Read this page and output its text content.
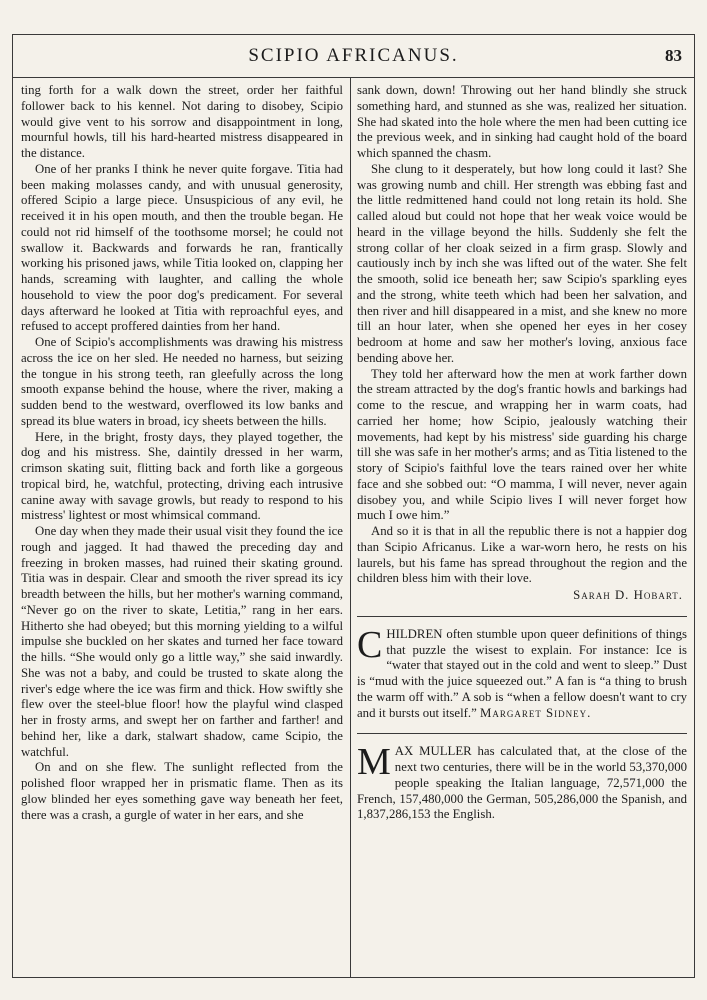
SCIPIO AFRICANUS.	83

ting forth for a walk down the street, order her faithful follower back to his kennel. Not daring to disobey, Scipio would give vent to his sorrow and disappointment in long, mournful howls, till his hard-hearted mistress disappeared in the distance.

One of her pranks I think he never quite forgave. Titia had been making molasses candy, and with unusual generosity, offered Scipio a large piece. Unsuspicious of any evil, he received it in his open mouth, and then the trouble began. He could not rid himself of the toothsome morsel; he could not swallow it. Backwards and forwards he ran, frantically working his prisoned jaws, while Titia looked on, clapping her hands, screaming with laughter, and calling the whole household to view the poor dog's predicament. For several days afterward he looked at Titia with reproachful eyes, and refused to accept proffered dainties from her hand.

One of Scipio's accomplishments was drawing his mistress across the ice on her sled. He needed no harness, but seizing the tongue in his strong teeth, ran gleefully across the long smooth expanse behind the house, where the river, making a sudden bend to the westward, overflowed its low banks and spread its blue waters in broad, icy sheets between the hills.

Here, in the bright, frosty days, they played together, the dog and his mistress. She, daintily dressed in her warm, crimson skating suit, flitting back and forth like a gorgeous tropical bird, he, watchful, protecting, driving each intrusive canine away with savage growls, but ready to respond to his mistress' lightest or most whimsical command.

One day when they made their usual visit they found the ice rough and jagged. It had thawed the preceding day and freezing in broken masses, had ruined their skating ground. Titia was in despair. Clear and smooth the river spread its icy breadth between the hills, but her mother's warning command, “Never go on the river to skate, Letitia,” rang in her ears. Hitherto she had obeyed; but this morning yielding to a wilful impulse she buckled on her skates and turned her face toward the hills. “She would only go a little way,” she said inwardly. She was not a baby, and could be trusted to skate along the river's edge where the ice was firm and thick. How swiftly she flew over the steel-blue floor! how the playful wind clasped her in frosty arms, and swept her on farther and farther! and behind her, like a dark, stalwart shadow, came Scipio, the watchful.

On and on she flew. The sunlight reflected from the polished floor wrapped her in prismatic flame. Then as its glow blinded her eyes something gave way beneath her feet, there was a crash, a gurgle of water in her ears, and she

sank down, down! Throwing out her hand blindly she struck something hard, and stunned as she was, realized her situation. She had skated into the hole where the men had been cutting ice the previous week, and in sinking had caught hold of the board which spanned the chasm.

She clung to it desperately, but how long could it last? She was growing numb and chill. Her strength was ebbing fast and the little redmittened hand could not long retain its hold. She called aloud but could not hope that her weak voice would be heard in the village beyond the hills. Suddenly she felt the strong collar of her cloak seized in a firm grasp. Slowly and cautiously inch by inch she was lifted out of the water. She felt the smooth, solid ice beneath her; saw Scipio's sparkling eyes and the strong, white teeth which had been her salvation, and then river and hill disappeared in a mist, and she knew no more till an hour later, when she opened her eyes in her cosey bedroom at home and saw her mother's loving, anxious face bending above her.

They told her afterward how the men at work farther down the stream attracted by the dog's frantic howls and barkings had come to the rescue, and wrapping her in warm coats, had carried her home; how Scipio, jealously watching their movements, had kept by his mistress' side guarding his charge till she was safe in her mother's arms; and as Titia listened to the story of Scipio's faithful love the tears rained over her white face and she sobbed out: “O mamma, I will never, never again disobey you, and while Scipio lives I will never forget how much I owe him.”

And so it is that in all the republic there is not a happier dog than Scipio Africanus. Like a war-worn hero, he rests on his laurels, but his fame has spread throughout the region and the children bless him with their love.

Sarah D. Hobart.
C HILDREN often stumble upon queer definitions of things that puzzle the wisest to explain. For instance: Ice is “water that stayed out in the cold and went to sleep.” Dust is “mud with the juice squeezed out.” A fan is “a thing to brush the warm off with.” A sob is “when a fellow doesn't want to cry and it bursts out itself.” Margaret Sidney.

M AX MULLER has calculated that, at the close of the next two centuries, there will be in the world 53,370,000 people speaking the Italian language, 72,571,000 the French, 157,480,000 the German, 505,286,000 the Spanish, and 1,837,286,153 the English.
